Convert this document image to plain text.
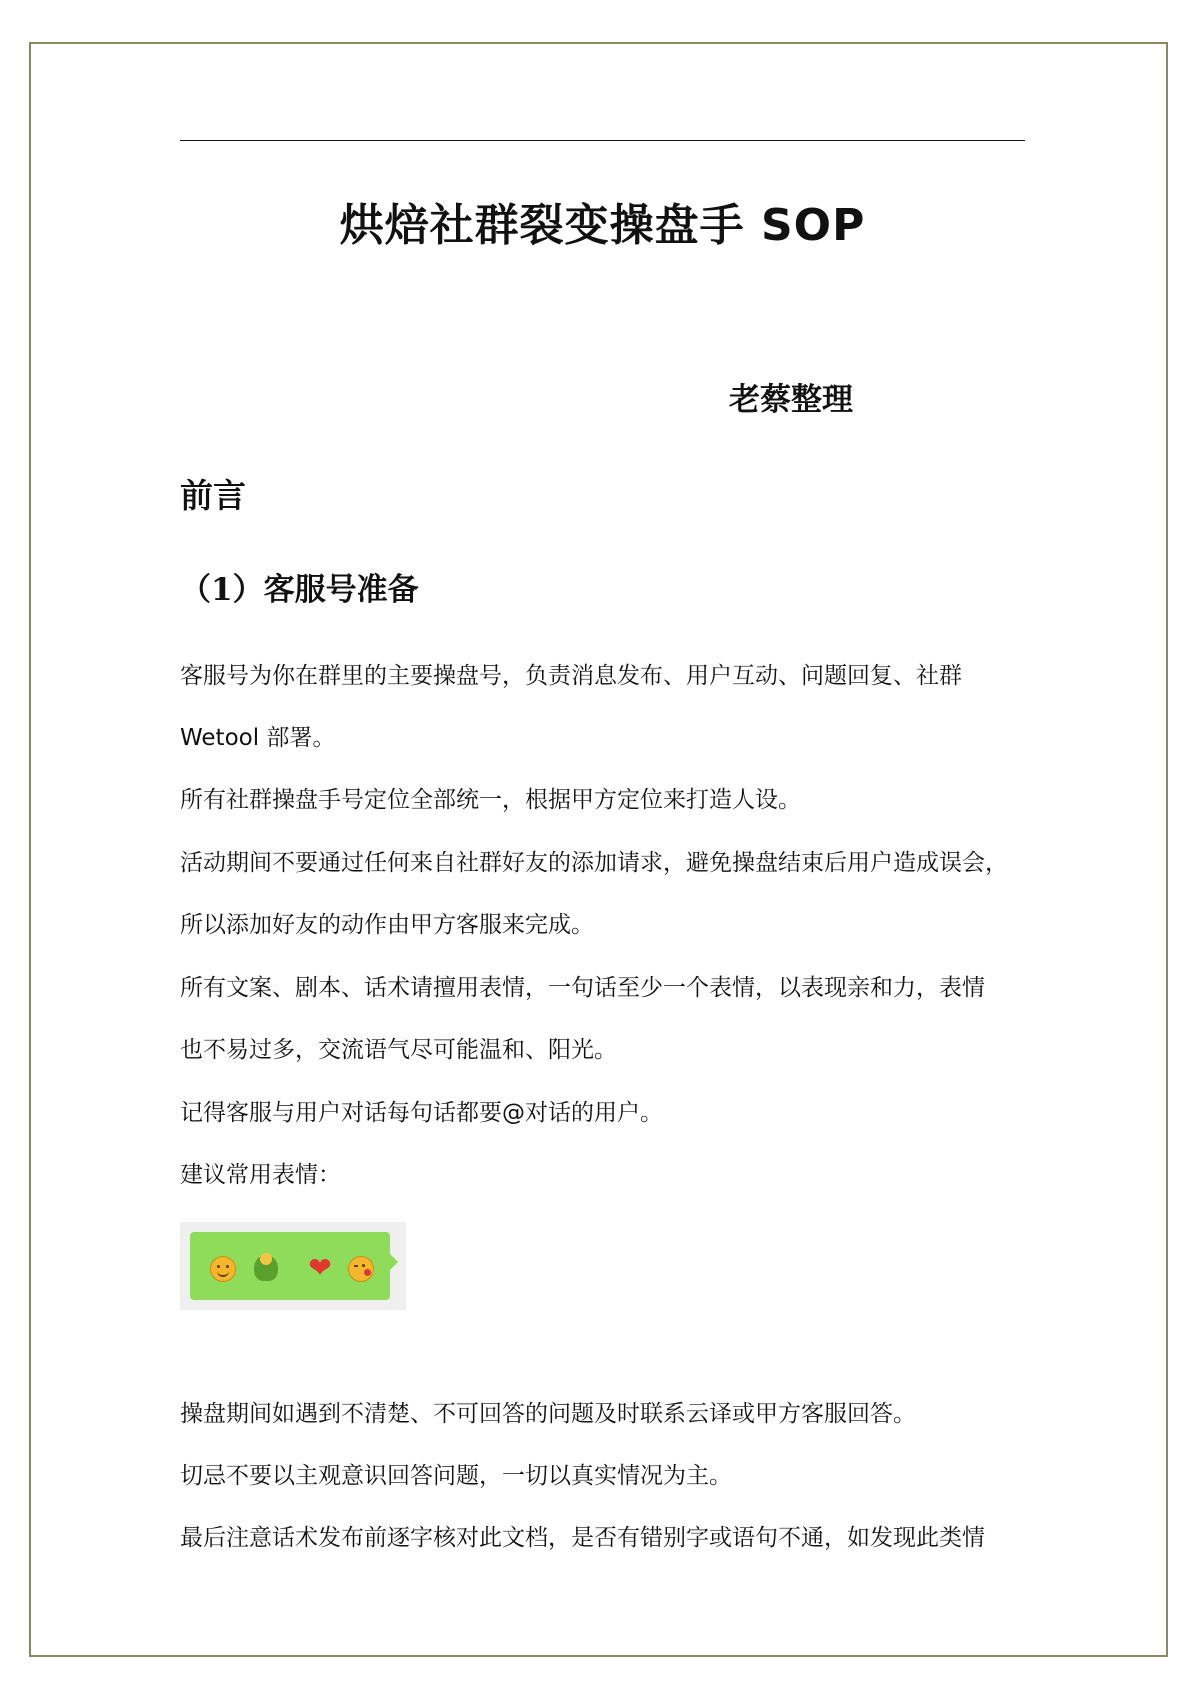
烘焙社群裂变操盘手 SOP
老蔡整理
前言
（1）客服号准备
客服号为你在群里的主要操盘号，负责消息发布、用户互动、问题回复、社群
Wetool 部署。
所有社群操盘手号定位全部统一，根据甲方定位来打造人设。
活动期间不要通过任何来自社群好友的添加请求，避免操盘结束后用户造成误会，
所以添加好友的动作由甲方客服来完成。
所有文案、剧本、话术请擅用表情，一句话至少一个表情，以表现亲和力，表情
也不易过多，交流语气尽可能温和、阳光。
记得客服与用户对话每句话都要@对话的用户。
建议常用表情：
❤
操盘期间如遇到不清楚、不可回答的问题及时联系云译或甲方客服回答。
切忌不要以主观意识回答问题，一切以真实情况为主。
最后注意话术发布前逐字核对此文档，是否有错别字或语句不通，如发现此类情
